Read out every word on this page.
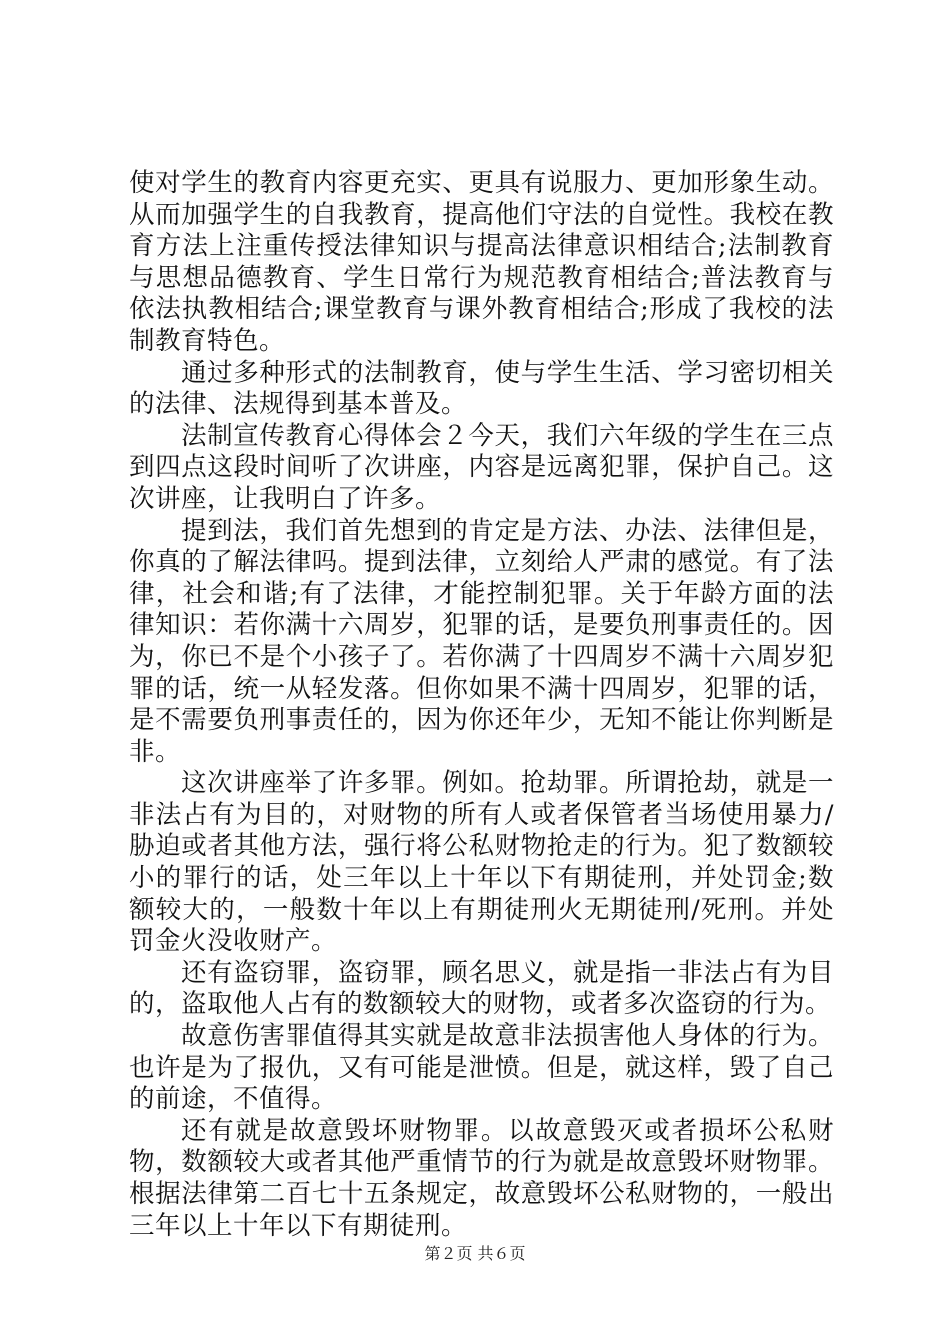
使对学生的教育内容更充实、更具有说服力、更加形象生动。从而加强学生的自我教育，提高他们守法的自觉性。我校在教育方法上注重传授法律知识与提高法律意识相结合;法制教育与思想品德教育、学生日常行为规范教育相结合;普法教育与依法执教相结合;课堂教育与课外教育相结合;形成了我校的法制教育特色。

通过多种形式的法制教育，使与学生生活、学习密切相关的法律、法规得到基本普及。

法制宣传教育心得体会２今天，我们六年级的学生在三点到四点这段时间听了次讲座，内容是远离犯罪，保护自己。这次讲座，让我明白了许多。

提到法，我们首先想到的肯定是方法、办法、法律但是，你真的了解法律吗。提到法律，立刻给人严肃的感觉。有了法律，社会和谐;有了法律，才能控制犯罪。关于年龄方面的法律知识：若你满十六周岁，犯罪的话，是要负刑事责任的。因为，你已不是个小孩子了。若你满了十四周岁不满十六周岁犯罪的话，统一从轻发落。但你如果不满十四周岁，犯罪的话，是不需要负刑事责任的，因为你还年少，无知不能让你判断是非。

这次讲座举了许多罪。例如。抢劫罪。所谓抢劫，就是一非法占有为目的，对财物的所有人或者保管者当场使用暴力/胁迫或者其他方法，强行将公私财物抢走的行为。犯了数额较小的罪行的话，处三年以上十年以下有期徒刑，并处罚金;数额较大的，一般数十年以上有期徒刑火无期徒刑/死刑。并处罚金火没收财产。

还有盗窃罪，盗窃罪，顾名思义，就是指一非法占有为目的，盗取他人占有的数额较大的财物，或者多次盗窃的行为。

故意伤害罪值得其实就是故意非法损害他人身体的行为。也许是为了报仇，又有可能是泄愤。但是，就这样，毁了自己的前途，不值得。

还有就是故意毁坏财物罪。以故意毁灭或者损坏公私财物，数额较大或者其他严重情节的行为就是故意毁坏财物罪。根据法律第二百七十五条规定，故意毁坏公私财物的，一般出三年以上十年以下有期徒刑。

第２页 共６页
